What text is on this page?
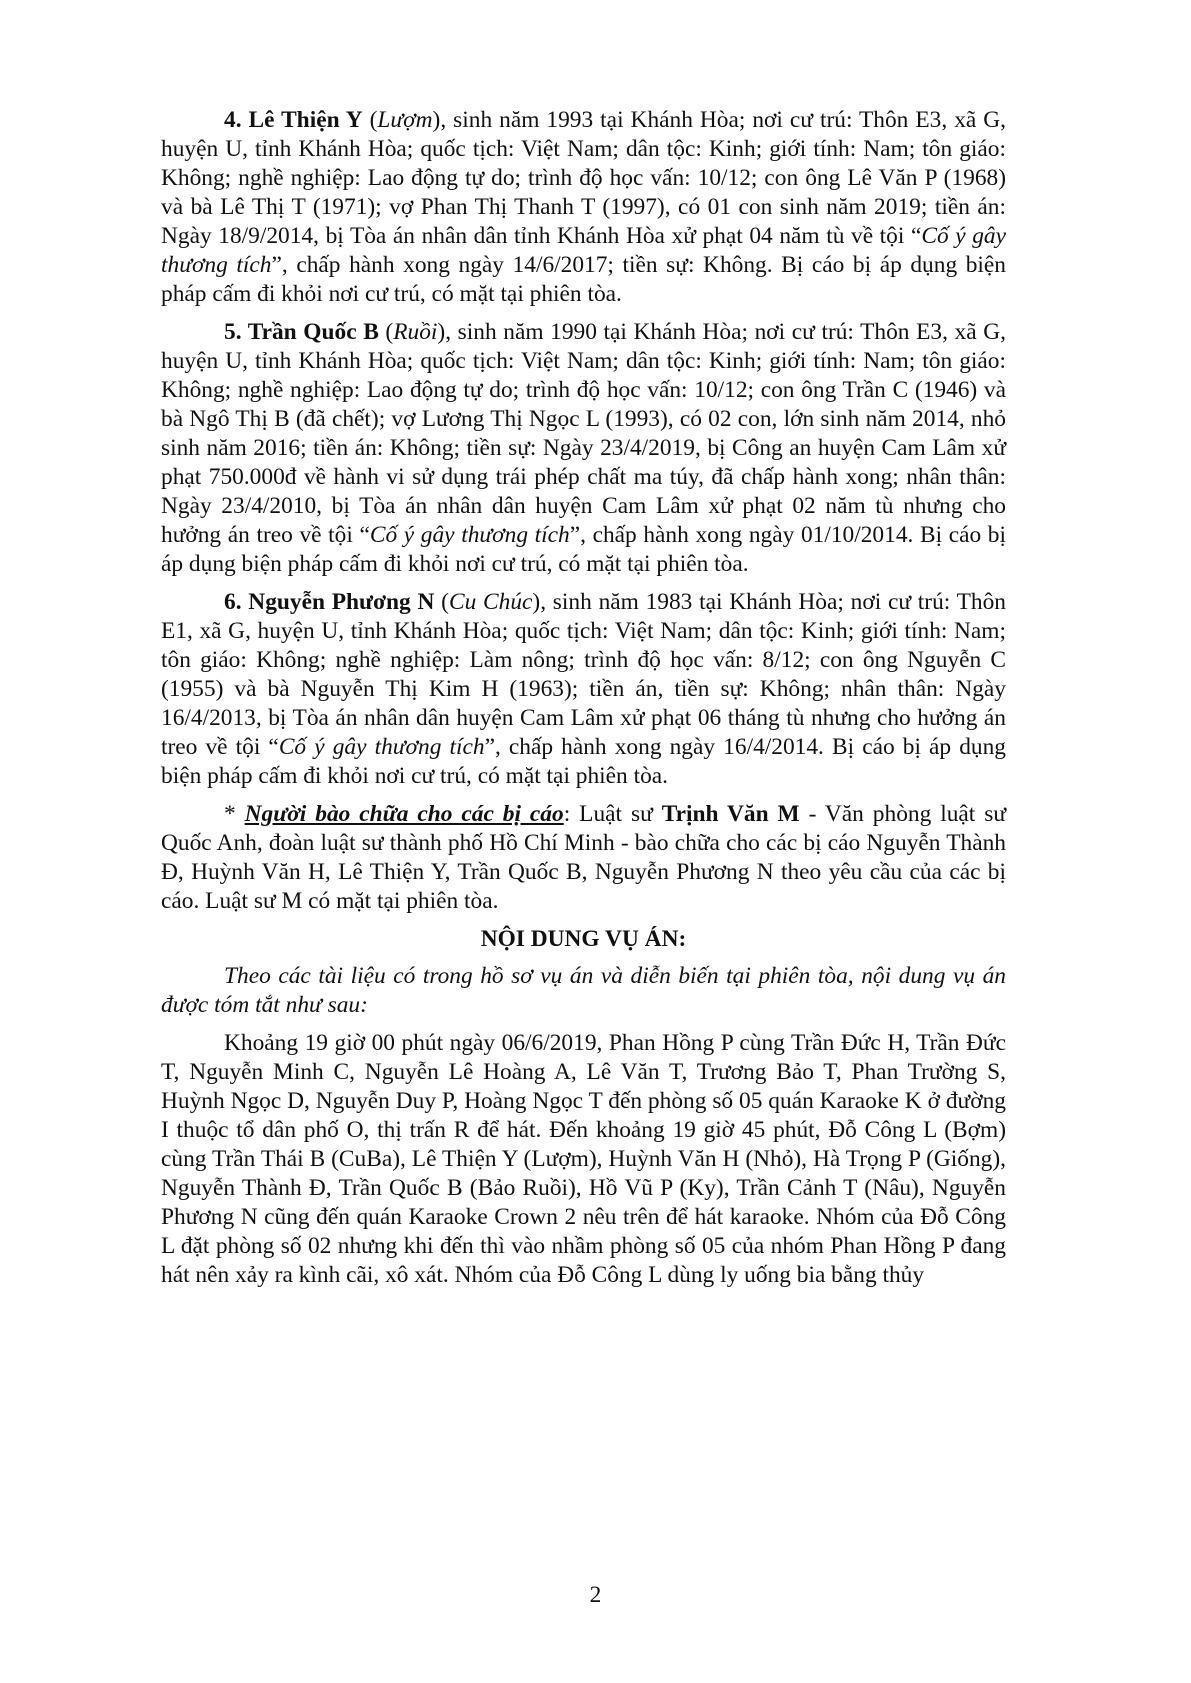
4. Lê Thiện Y (Lượm), sinh năm 1993 tại Khánh Hòa; nơi cư trú: Thôn E3, xã G, huyện U, tỉnh Khánh Hòa; quốc tịch: Việt Nam; dân tộc: Kinh; giới tính: Nam; tôn giáo: Không; nghề nghiệp: Lao động tự do; trình độ học vấn: 10/12; con ông Lê Văn P (1968) và bà Lê Thị T (1971); vợ Phan Thị Thanh T (1997), có 01 con sinh năm 2019; tiền án: Ngày 18/9/2014, bị Tòa án nhân dân tỉnh Khánh Hòa xử phạt 04 năm tù về tội “Cố ý gây thương tích”, chấp hành xong ngày 14/6/2017; tiền sự: Không. Bị cáo bị áp dụng biện pháp cấm đi khỏi nơi cư trú, có mặt tại phiên tòa.

5. Trần Quốc B (Ruồi), sinh năm 1990 tại Khánh Hòa; nơi cư trú: Thôn E3, xã G, huyện U, tỉnh Khánh Hòa; quốc tịch: Việt Nam; dân tộc: Kinh; giới tính: Nam; tôn giáo: Không; nghề nghiệp: Lao động tự do; trình độ học vấn: 10/12; con ông Trần C (1946) và bà Ngô Thị B (đã chết); vợ Lương Thị Ngọc L (1993), có 02 con, lớn sinh năm 2014, nhỏ sinh năm 2016; tiền án: Không; tiền sự: Ngày 23/4/2019, bị Công an huyện Cam Lâm xử phạt 750.000đ về hành vi sử dụng trái phép chất ma túy, đã chấp hành xong; nhân thân: Ngày 23/4/2010, bị Tòa án nhân dân huyện Cam Lâm xử phạt 02 năm tù nhưng cho hưởng án treo về tội “Cố ý gây thương tích”, chấp hành xong ngày 01/10/2014. Bị cáo bị áp dụng biện pháp cấm đi khỏi nơi cư trú, có mặt tại phiên tòa.

6. Nguyễn Phương N (Cu Chúc), sinh năm 1983 tại Khánh Hòa; nơi cư trú: Thôn E1, xã G, huyện U, tỉnh Khánh Hòa; quốc tịch: Việt Nam; dân tộc: Kinh; giới tính: Nam; tôn giáo: Không; nghề nghiệp: Làm nông; trình độ học vấn: 8/12; con ông Nguyễn C (1955) và bà Nguyễn Thị Kim H (1963); tiền án, tiền sự: Không; nhân thân: Ngày 16/4/2013, bị Tòa án nhân dân huyện Cam Lâm xử phạt 06 tháng tù nhưng cho hưởng án treo về tội “Cố ý gây thương tích”, chấp hành xong ngày 16/4/2014. Bị cáo bị áp dụng biện pháp cấm đi khỏi nơi cư trú, có mặt tại phiên tòa.

* Người bào chữa cho các bị cáo: Luật sư Trịnh Văn M - Văn phòng luật sư Quốc Anh, đoàn luật sư thành phố Hồ Chí Minh - bào chữa cho các bị cáo Nguyễn Thành Đ, Huỳnh Văn H, Lê Thiện Y, Trần Quốc B, Nguyễn Phương N theo yêu cầu của các bị cáo. Luật sư M có mặt tại phiên tòa.

NỘI DUNG VỤ ÁN:

Theo các tài liệu có trong hồ sơ vụ án và diễn biến tại phiên tòa, nội dung vụ án được tóm tắt như sau:

Khoảng 19 giờ 00 phút ngày 06/6/2019, Phan Hồng P cùng Trần Đức H, Trần Đức T, Nguyễn Minh C, Nguyễn Lê Hoàng A, Lê Văn T, Trương Bảo T, Phan Trường S, Huỳnh Ngọc D, Nguyễn Duy P, Hoàng Ngọc T đến phòng số 05 quán Karaoke K ở đường I thuộc tổ dân phố O, thị trấn R để hát. Đến khoảng 19 giờ 45 phút, Đỗ Công L (Bợm) cùng Trần Thái B (CuBa), Lê Thiện Y (Lượm), Huỳnh Văn H (Nhỏ), Hà Trọng P (Giống), Nguyễn Thành Đ, Trần Quốc B (Bảo Ruồi), Hồ Vũ P (Ky), Trần Cảnh T (Nâu), Nguyễn Phương N cũng đến quán Karaoke Crown 2 nêu trên để hát karaoke. Nhóm của Đỗ Công L đặt phòng số 02 nhưng khi đến thì vào nhầm phòng số 05 của nhóm Phan Hồng P đang hát nên xảy ra kình cãi, xô xát. Nhóm của Đỗ Công L dùng ly uống bia bằng thủy

2
